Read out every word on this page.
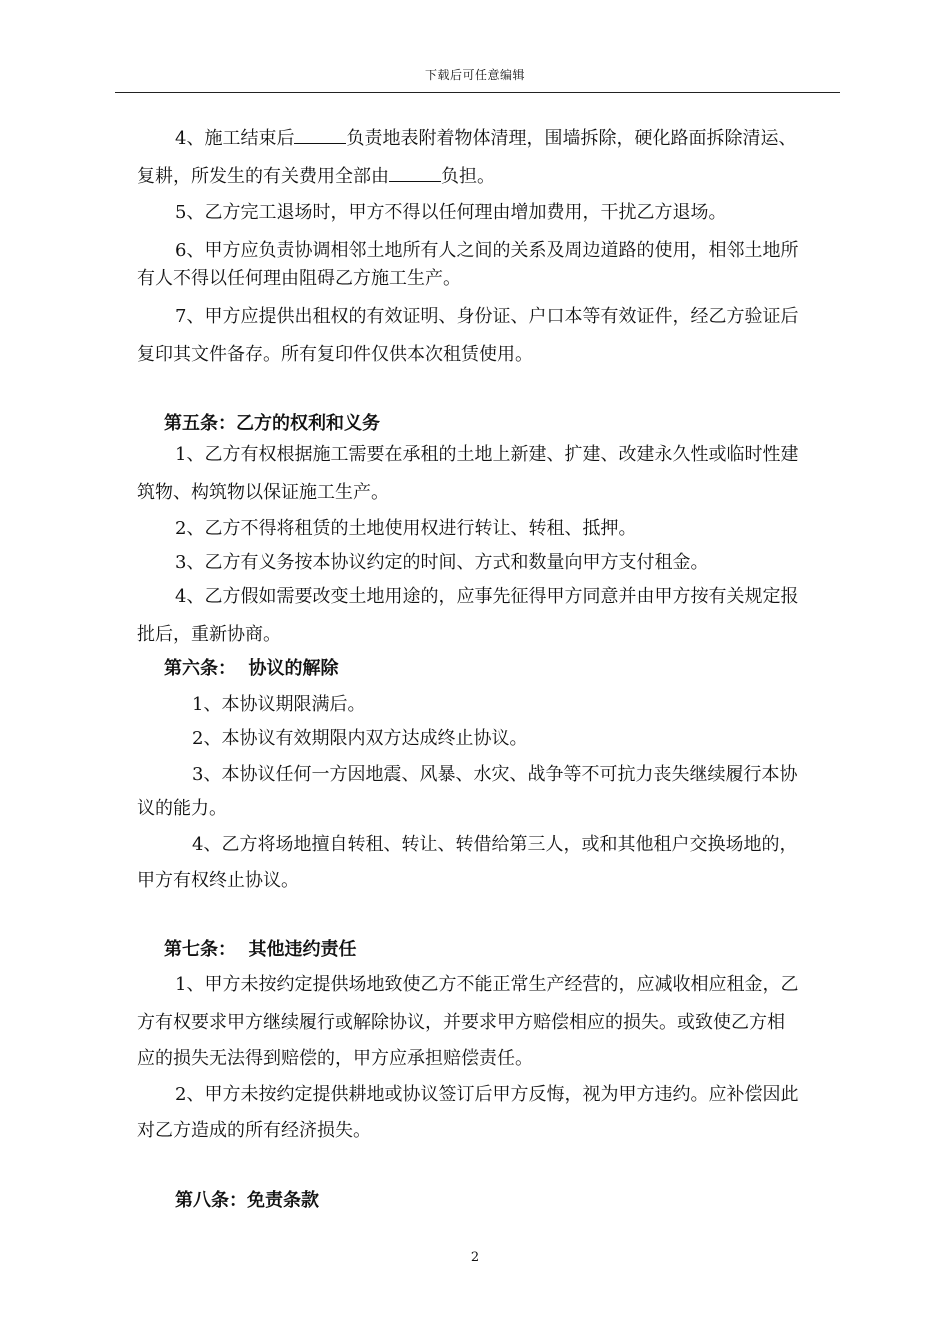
下载后可任意编辑
4、施工结束后	负责地表附着物体清理，围墙拆除，硬化路面拆除清运、
复耕，所发生的有关费用全部由	负担。
5、乙方完工退场时，甲方不得以任何理由增加费用，干扰乙方退场。
6、甲方应负责协调相邻土地所有人之间的关系及周边道路的使用，相邻土地所
有人不得以任何理由阻碍乙方施工生产。
7、甲方应提供出租权的有效证明、身份证、户口本等有效证件，经乙方验证后
复印其文件备存。所有复印件仅供本次租赁使用。
第五条：乙方的权利和义务
1、乙方有权根据施工需要在承租的土地上新建、扩建、改建永久性或临时性建
筑物、构筑物以保证施工生产。
2、乙方不得将租赁的土地使用权进行转让、转租、抵押。
3、乙方有义务按本协议约定的时间、方式和数量向甲方支付租金。
4、乙方假如需要改变土地用途的，应事先征得甲方同意并由甲方按有关规定报
批后，重新协商。
第六条：  协议的解除
1、本协议期限满后。
2、本协议有效期限内双方达成终止协议。
3、本协议任何一方因地震、风暴、水灾、战争等不可抗力丧失继续履行本协
议的能力。
4、乙方将场地擅自转租、转让、转借给第三人，或和其他租户交换场地的，
甲方有权终止协议。
第七条：  其他违约责任
1、甲方未按约定提供场地致使乙方不能正常生产经营的，应减收相应租金，乙
方有权要求甲方继续履行或解除协议，并要求甲方赔偿相应的损失。或致使乙方相
应的损失无法得到赔偿的，甲方应承担赔偿责任。
2、甲方未按约定提供耕地或协议签订后甲方反悔，视为甲方违约。应补偿因此
对乙方造成的所有经济损失。
第八条：免责条款
2
